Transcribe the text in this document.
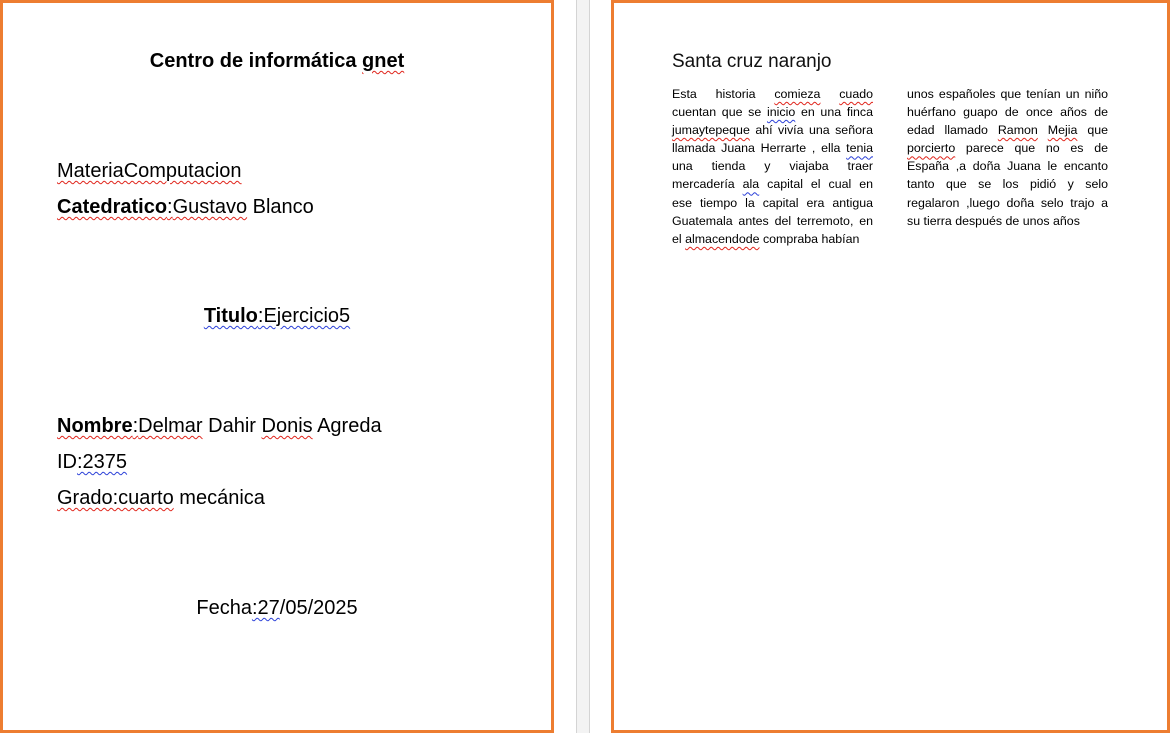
Centro de informática gnet
MateriaComputacion
Catedratico:Gustavo Blanco
Titulo:Ejercicio5
Nombre:Delmar Dahir Donis Agreda
ID:2375
Grado:cuarto mecánica
Fecha:27/05/2025
Santa cruz naranjo
Esta historia comieza cuado cuentan que se inicio en una finca jumaytepeque ahí vivía una señora llamada Juana Herrarte , ella tenia una tienda y viajaba traer mercadería ala capital el cual en ese tiempo la capital era antigua Guatemala antes del terremoto, en el almacendode compraba habían
unos españoles que tenían un niño huérfano guapo de once años de edad llamado Ramon Mejia que porcierto parece que no es de España ,a doña Juana le encanto tanto que se los pidió y selo regalaron ,luego doña selo trajo a su tierra después de unos años
